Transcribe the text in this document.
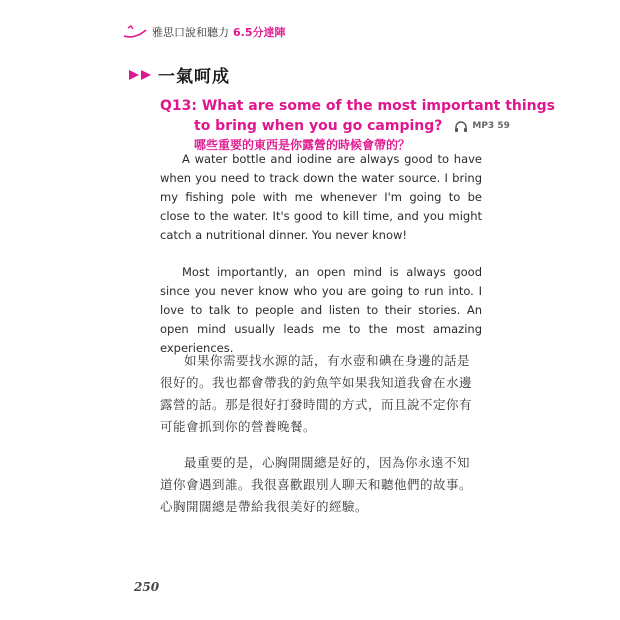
雅思口說和聽力 6.5分達陣
一氣呵成
Q13: What are some of the most important things
to bring when you go camping?	MP3 59
哪些重要的東西是你露營的時候會帶的？

A water bottle and iodine are always good to have when you need to track down the water source. I bring my fishing pole with me whenever I'm going to be close to the water. It's good to kill time, and you might catch a nutritional dinner. You never know!

Most importantly, an open mind is always good since you never know who you are going to run into. I love to talk to people and listen to their stories. An open mind usually leads me to the most amazing experiences.

如果你需要找水源的話，有水壺和碘在身邊的話是很好的。我也都會帶我的釣魚竿如果我知道我會在水邊露營的話。那是很好打發時間的方式，而且說不定你有可能會抓到你的營養晚餐。

最重要的是，心胸開闊總是好的，因為你永遠不知道你會遇到誰。我很喜歡跟別人聊天和聽他們的故事。心胸開闊總是帶給我很美好的經驗。

250
